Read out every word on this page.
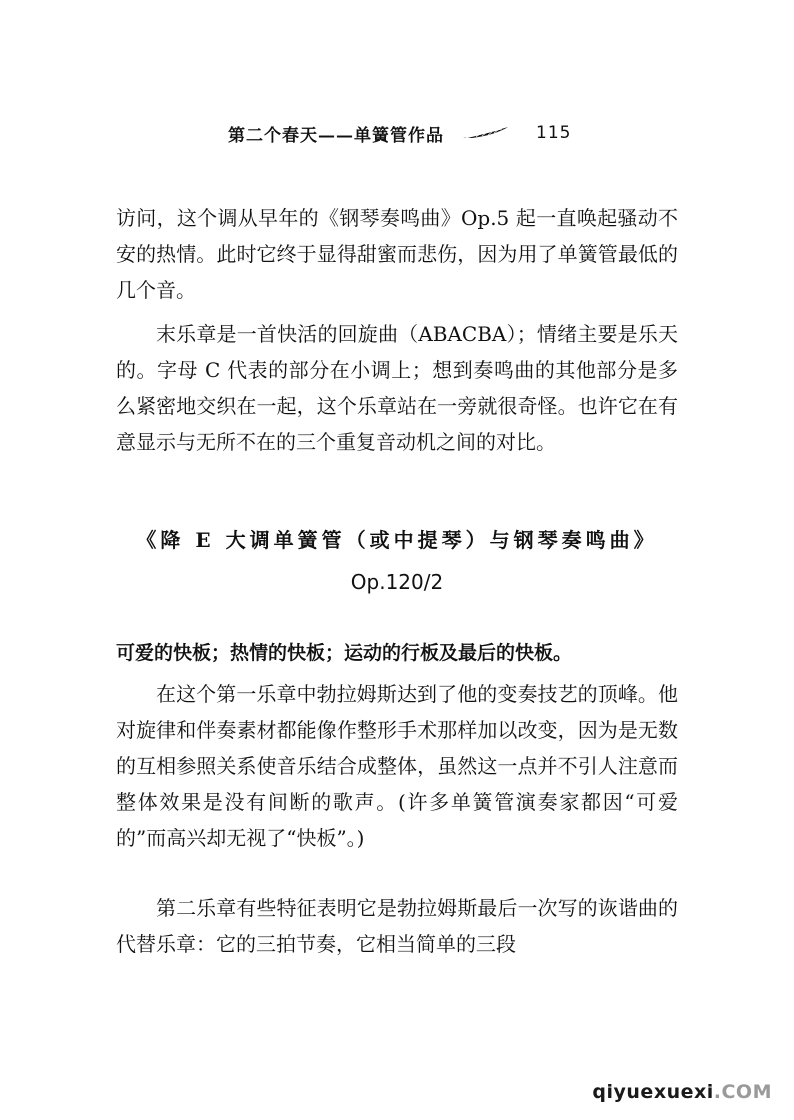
第二个春天——单簧管作品	115

访问，这个调从早年的《钢琴奏鸣曲》Op.5 起一直唤起骚动不安的热情。此时它终于显得甜蜜而悲伤，因为用了单簧管最低的几个音。

末乐章是一首快活的回旋曲（ABACBA）；情绪主要是乐天的。字母 C 代表的部分在小调上；想到奏鸣曲的其他部分是多么紧密地交织在一起，这个乐章站在一旁就很奇怪。也许它在有意显示与无所不在的三个重复音动机之间的对比。

《降 E 大调单簧管（或中提琴）与钢琴奏鸣曲》
Op.120/2
可爱的快板；热情的快板；运动的行板及最后的快板。

在这个第一乐章中勃拉姆斯达到了他的变奏技艺的顶峰。他对旋律和伴奏素材都能像作整形手术那样加以改变，因为是无数的互相参照关系使音乐结合成整体，虽然这一点并不引人注意而整体效果是没有间断的歌声。(许多单簧管演奏家都因“可爱的”而高兴却无视了“快板”。)

第二乐章有些特征表明它是勃拉姆斯最后一次写的诙谐曲的代替乐章：它的三拍节奏，它相当简单的三段

qiyuexuexi .COM
